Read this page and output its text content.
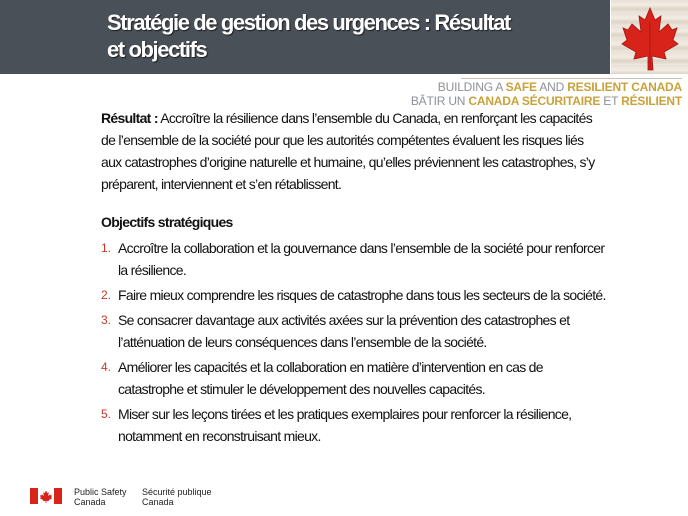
Stratégie de gestion des urgences : Résultat
et objectifs
BUILDING A SAFE AND RESILIENT CANADA
BÂTIR UN CANADA SÉCURITAIRE ET RÉSILIENT

Résultat : Accroître la résilience dans l’ensemble du Canada, en renforçant les capacités de l’ensemble de la société pour que les autorités compétentes évaluent les risques liés aux catastrophes d’origine naturelle et humaine, qu’elles préviennent les catastrophes, s’y préparent, interviennent et s’en rétablissent.

Objectifs stratégiques
1. Accroître la collaboration et la gouvernance dans l’ensemble de la société pour renforcer la résilience.
2. Faire mieux comprendre les risques de catastrophe dans tous les secteurs de la société.
3. Se consacrer davantage aux activités axées sur la prévention des catastrophes et l’atténuation de leurs conséquences dans l’ensemble de la société.
4. Améliorer les capacités et la collaboration en matière d’intervention en cas de catastrophe et stimuler le développement des nouvelles capacités.
5. Miser sur les leçons tirées et les pratiques exemplaires pour renforcer la résilience, notamment en reconstruisant mieux.
Public Safety
Canada
Sécurité publique
Canada
